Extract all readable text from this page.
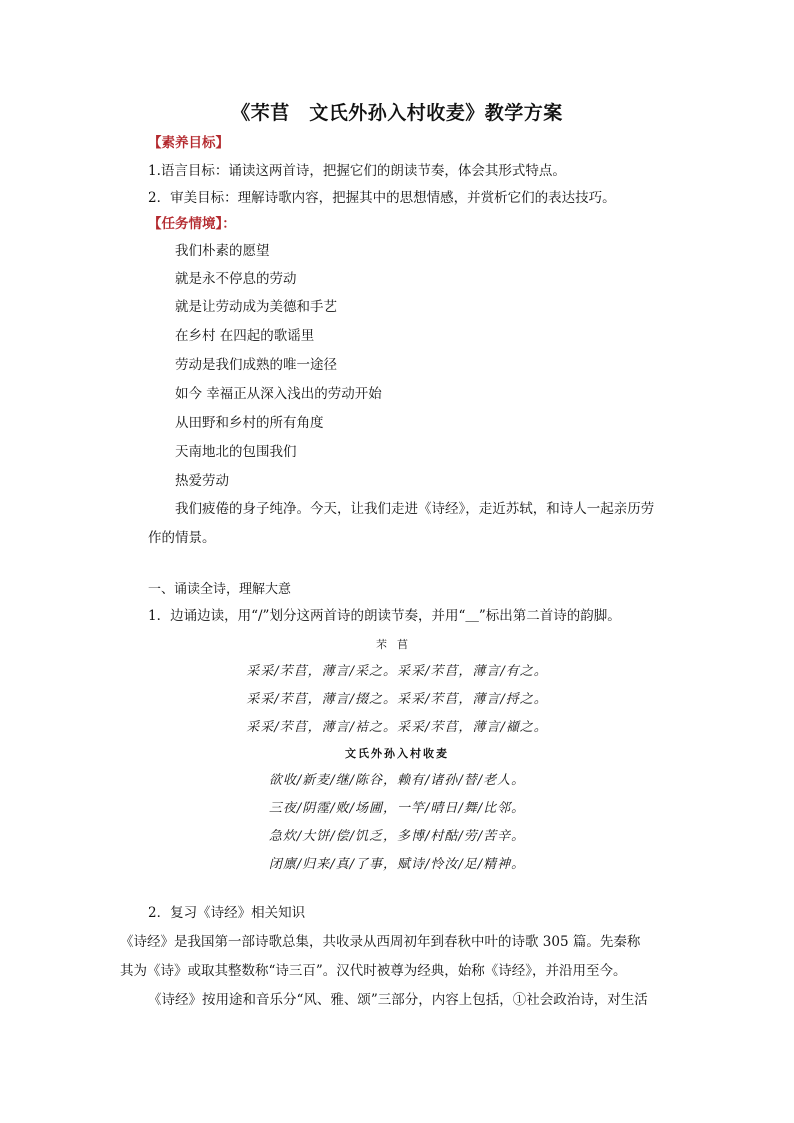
《芣苢　文氏外孙入村收麦》教学方案
【素养目标】
1.语言目标：诵读这两首诗，把握它们的朗读节奏，体会其形式特点。
2．审美目标：理解诗歌内容，把握其中的思想情感，并赏析它们的表达技巧。
【任务情境】：
我们朴素的愿望
就是永不停息的劳动
就是让劳动成为美德和手艺
在乡村 在四起的歌谣里
劳动是我们成熟的唯一途径
如今 幸福正从深入浅出的劳动开始
从田野和乡村的所有角度
天南地北的包围我们
热爱劳动
我们疲倦的身子纯净。今天，让我们走进《诗经》，走近苏轼，和诗人一起亲历劳
作的情景。
一、诵读全诗，理解大意
1．边诵边读，用“/”划分这两首诗的朗读节奏，并用“＿”标出第二首诗的韵脚。
芣苢
采采/芣苢，薄言/采之。采采/芣苢，薄言/有之。
采采/芣苢，薄言/掇之。采采/芣苢，薄言/捋之。
采采/芣苢，薄言/袺之。采采/芣苢，薄言/襭之。
文氏外孙入村收麦
欲收/新麦/继/陈谷，赖有/诸孙/替/老人。
三夜/阴霪/败/场圃，一竿/晴日/舞/比邻。
急炊/大饼/偿/饥乏，多博/村酤/劳/苦辛。
闭廪/归来/真/了事，赋诗/怜汝/足/精神。
2．复习《诗经》相关知识
《诗经》是我国第一部诗歌总集，共收录从西周初年到春秋中叶的诗歌 305 篇。先秦称
其为《诗》或取其整数称“诗三百”。汉代时被尊为经典，始称《诗经》，并沿用至今。
《诗经》按用途和音乐分“风、雅、颂”三部分，内容上包括，①社会政治诗，对生活
